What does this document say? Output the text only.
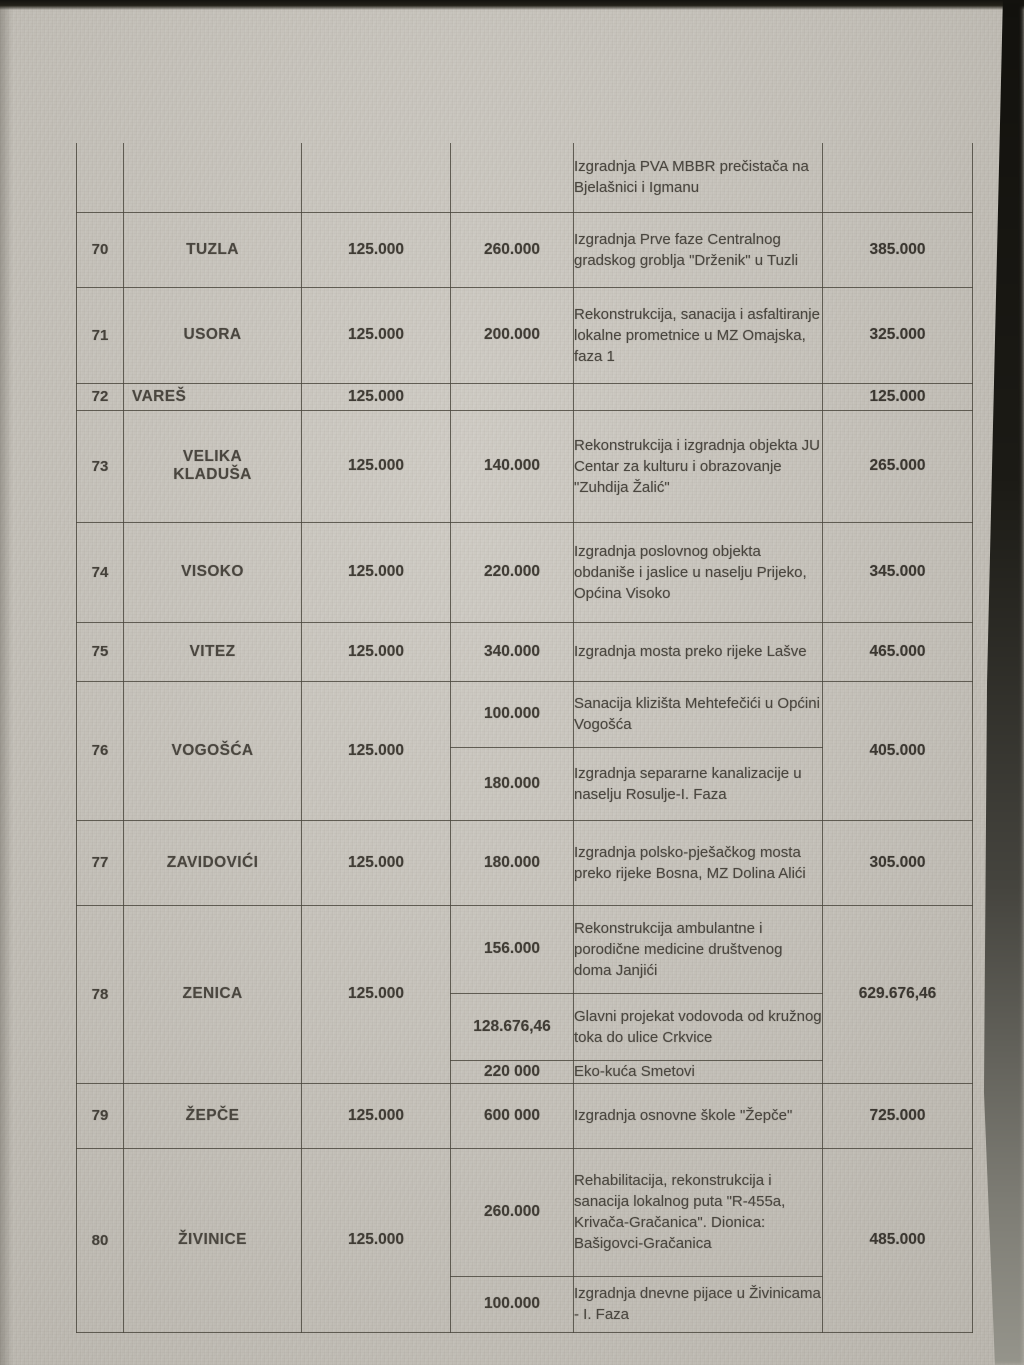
				Izgradnja PVA MBBR prečistača na Bjelašnici i Igmanu	
70	TUZLA	125.000	260.000	Izgradnja Prve faze Centralnog gradskog groblja "Drženik" u Tuzli	385.000
71	USORA	125.000	200.000	Rekonstrukcija, sanacija i asfaltiranje lokalne prometnice u MZ Omajska, faza 1	325.000
72	VAREŠ	125.000			125.000
73	VELIKA KLADUŠA	125.000	140.000	Rekonstrukcija i izgradnja objekta JU Centar za kulturu i obrazovanje "Zuhdija Žalić"	265.000
74	VISOKO	125.000	220.000	Izgradnja poslovnog objekta obdaniše i jaslice u naselju Prijeko, Općina Visoko	345.000
75	VITEZ	125.000	340.000	Izgradnja mosta preko rijeke Lašve	465.000
76	VOGOŠĆA	125.000	100.000	Sanacija klizišta Mehtefečići u Općini Vogošća	405.000
			180.000	Izgradnja separarne kanalizacije u naselju Rosulje-I. Faza	
77	ZAVIDOVIĆI	125.000	180.000	Izgradnja polsko-pješačkog mosta preko rijeke Bosna, MZ Dolina Alići	305.000
78	ZENICA	125.000	156.000	Rekonstrukcija ambulantne i porodične medicine društvenog doma Janjići	629.676,46
			128.676,46	Glavni projekat vodovoda od kružnog toka do ulice Crkvice	
			220 000	Eko-kuća Smetovi	
79	ŽEPČE	125.000	600 000	Izgradnja osnovne škole "Žepče"	725.000
80	ŽIVINICE	125.000	260.000	Rehabilitacija, rekonstrukcija i sanacija lokalnog puta "R-455a, Krivača-Gračanica". Dionica: Bašigovci-Gračanica	485.000
			100.000	Izgradnja dnevne pijace u Živinicama - I. Faza	
